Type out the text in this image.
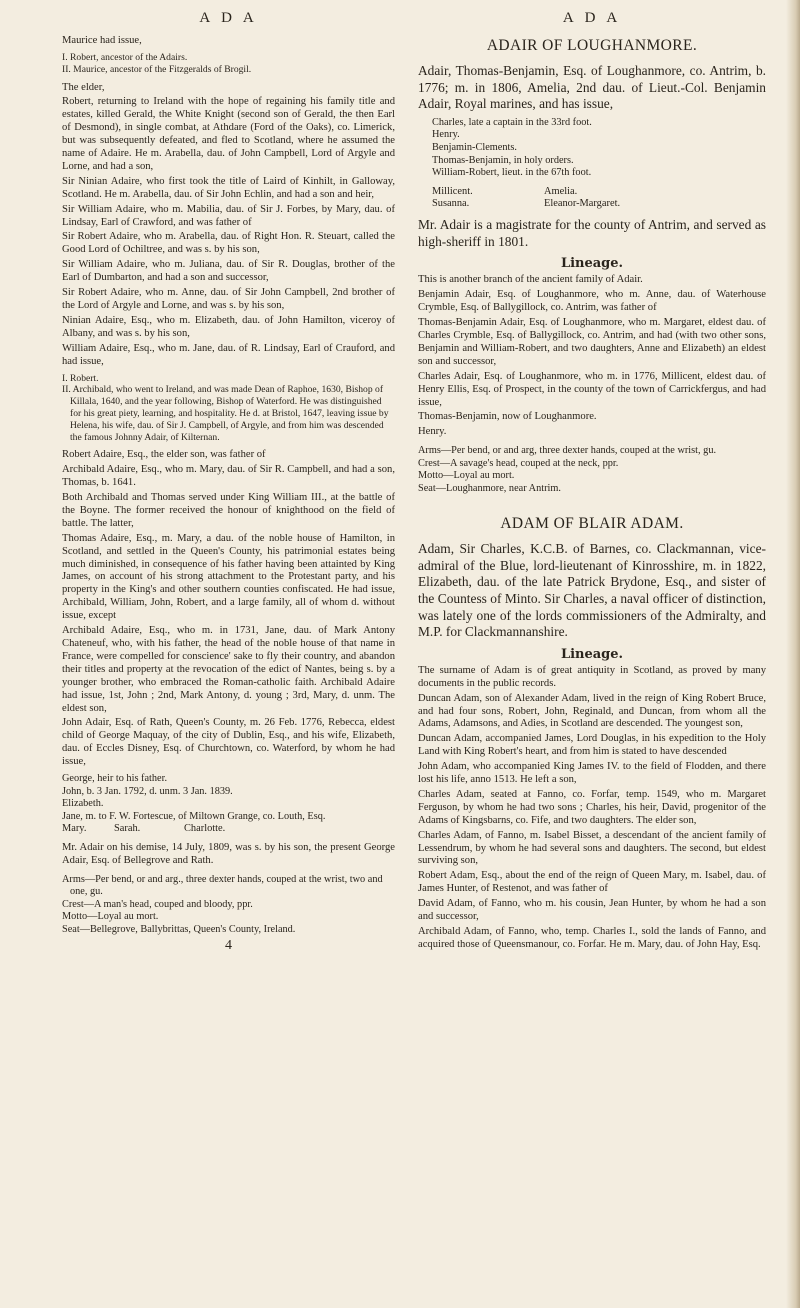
A D A

Maurice had issue,

I. Robert, ancestor of the Adairs.
II. Maurice, ancestor of the Fitzgeralds of Brogil.

The elder,

Robert, returning to Ireland with the hope of regaining his family title and estates, killed Gerald, the White Knight (second son of Gerald, the then Earl of Desmond), in single combat, at Athdare (Ford of the Oaks), co. Limerick, but was subsequently defeated, and fled to Scotland, where he assumed the name of Adaire. He m. Arabella, dau. of John Campbell, Lord of Argyle and Lorne, and had a son,

Sir Ninian Adaire, who first took the title of Laird of Kinhilt, in Galloway, Scotland. He m. Arabella, dau. of Sir John Echlin, and had a son and heir,

Sir William Adaire, who m. Mabilia, dau. of Sir J. Forbes, by Mary, dau. of Lindsay, Earl of Crawford, and was father of

Sir Robert Adaire, who m. Arabella, dau. of Right Hon. R. Steuart, called the Good Lord of Ochiltree, and was s. by his son,

Sir William Adaire, who m. Juliana, dau. of Sir R. Douglas, brother of the Earl of Dumbarton, and had a son and successor,

Sir Robert Adaire, who m. Anne, dau. of Sir John Campbell, 2nd brother of the Lord of Argyle and Lorne, and was s. by his son,

Ninian Adaire, Esq., who m. Elizabeth, dau. of John Hamilton, viceroy of Albany, and was s. by his son,

William Adaire, Esq., who m. Jane, dau. of R. Lindsay, Earl of Crauford, and had issue,

I. Robert.
II. Archibald, who went to Ireland, and was made Dean of Raphoe, 1630, Bishop of Killala, 1640, and the year following, Bishop of Waterford. He was distinguished for his great piety, learning, and hospitality. He d. at Bristol, 1647, leaving issue by Helena, his wife, dau. of Sir J. Campbell, of Argyle, and from him was descended the famous Johnny Adair, of Kilternan.

Robert Adaire, Esq., the elder son, was father of

Archibald Adaire, Esq., who m. Mary, dau. of Sir R. Campbell, and had a son, Thomas, b. 1641.

Both Archibald and Thomas served under King William III., at the battle of the Boyne. The former received the honour of knighthood on the field of battle. The latter,

Thomas Adaire, Esq., m. Mary, a dau. of the noble house of Hamilton, in Scotland, and settled in the Queen's County, his patrimonial estates being much diminished, in consequence of his father having been attainted by King James, on account of his strong attachment to the Protestant party, and his property in the King's and other southern counties confiscated. He had issue, Archibald, William, John, Robert, and a large family, all of whom d. without issue, except

Archibald Adaire, Esq., who m. in 1731, Jane, dau. of Mark Antony Chateneuf, who, with his father, the head of the noble house of that name in France, were compelled for conscience' sake to fly their country, and abandon their titles and property at the revocation of the edict of Nantes, being s. by a younger brother, who embraced the Roman-catholic faith. Archibald Adaire had issue, 1st, John ; 2nd, Mark Antony, d. young ; 3rd, Mary, d. unm. The eldest son,

John Adair, Esq. of Rath, Queen's County, m. 26 Feb. 1776, Rebecca, eldest child of George Maquay, of the city of Dublin, Esq., and his wife, Elizabeth, dau. of Eccles Disney, Esq. of Churchtown, co. Waterford, by whom he had issue,

George, heir to his father.
John, b. 3 Jan. 1792, d. unm. 3 Jan. 1839.
Elizabeth.
Jane, m. to F. W. Fortescue, of Miltown Grange, co. Louth, Esq.
Mary.	Sarah.	Charlotte.

Mr. Adair on his demise, 14 July, 1809, was s. by his son, the present George Adair, Esq. of Bellegrove and Rath.

Arms—Per bend, or and arg., three dexter hands, couped at the wrist, two and one, gu.
Crest—A man's head, couped and bloody, ppr.
Motto—Loyal au mort.
Seat—Bellegrove, Ballybrittas, Queen's County, Ireland.
4
A D A
ADAIR OF LOUGHANMORE.

Adair, Thomas-Benjamin, Esq. of Loughanmore, co. Antrim, b. 1776; m. in 1806, Amelia, 2nd dau. of Lieut.-Col. Benjamin Adair, Royal marines, and has issue,

Charles, late a captain in the 33rd foot.
Henry.
Benjamin-Clements.
Thomas-Benjamin, in holy orders.
William-Robert, lieut. in the 67th foot.
Millicent.	Amelia.
Susanna.	Eleanor-Margaret.

Mr. Adair is a magistrate for the county of Antrim, and served as high-sheriff in 1801.

Lineage.

This is another branch of the ancient family of Adair.

Benjamin Adair, Esq. of Loughanmore, who m. Anne, dau. of Waterhouse Crymble, Esq. of Ballygillock, co. Antrim, was father of

Thomas-Benjamin Adair, Esq. of Loughanmore, who m. Margaret, eldest dau. of Charles Crymble, Esq. of Ballygillock, co. Antrim, and had (with two other sons, Benjamin and William-Robert, and two daughters, Anne and Elizabeth) an eldest son and successor,

Charles Adair, Esq. of Loughanmore, who m. in 1776, Millicent, eldest dau. of Henry Ellis, Esq. of Prospect, in the county of the town of Carrickfergus, and had issue,

Thomas-Benjamin, now of Loughanmore.

Henry.

Arms—Per bend, or and arg, three dexter hands, couped at the wrist, gu.
Crest—A savage's head, couped at the neck, ppr.
Motto—Loyal au mort.
Seat—Loughanmore, near Antrim.
ADAM OF BLAIR ADAM.

Adam, Sir Charles, K.C.B. of Barnes, co. Clackmannan, vice-admiral of the Blue, lord-lieutenant of Kinrosshire, m. in 1822, Elizabeth, dau. of the late Patrick Brydone, Esq., and sister of the Countess of Minto. Sir Charles, a naval officer of distinction, was lately one of the lords commissioners of the Admiralty, and M.P. for Clackmannanshire.

Lineage.

The surname of Adam is of great antiquity in Scotland, as proved by many documents in the public records.

Duncan Adam, son of Alexander Adam, lived in the reign of King Robert Bruce, and had four sons, Robert, John, Reginald, and Duncan, from whom all the Adams, Adamsons, and Adies, in Scotland are descended. The youngest son,

Duncan Adam, accompanied James, Lord Douglas, in his expedition to the Holy Land with King Robert's heart, and from him is stated to have descended

John Adam, who accompanied King James IV. to the field of Flodden, and there lost his life, anno 1513. He left a son,

Charles Adam, seated at Fanno, co. Forfar, temp. 1549, who m. Margaret Ferguson, by whom he had two sons ; Charles, his heir, David, progenitor of the Adams of Kingsbarns, co. Fife, and two daughters. The elder son,

Charles Adam, of Fanno, m. Isabel Bisset, a descendant of the ancient family of Lessendrum, by whom he had several sons and daughters. The second, but eldest surviving son,

Robert Adam, Esq., about the end of the reign of Queen Mary, m. Isabel, dau. of James Hunter, of Restenot, and was father of

David Adam, of Fanno, who m. his cousin, Jean Hunter, by whom he had a son and successor,

Archibald Adam, of Fanno, who, temp. Charles I., sold the lands of Fanno, and acquired those of Queensmanour, co. Forfar. He m. Mary, dau. of John Hay, Esq.
